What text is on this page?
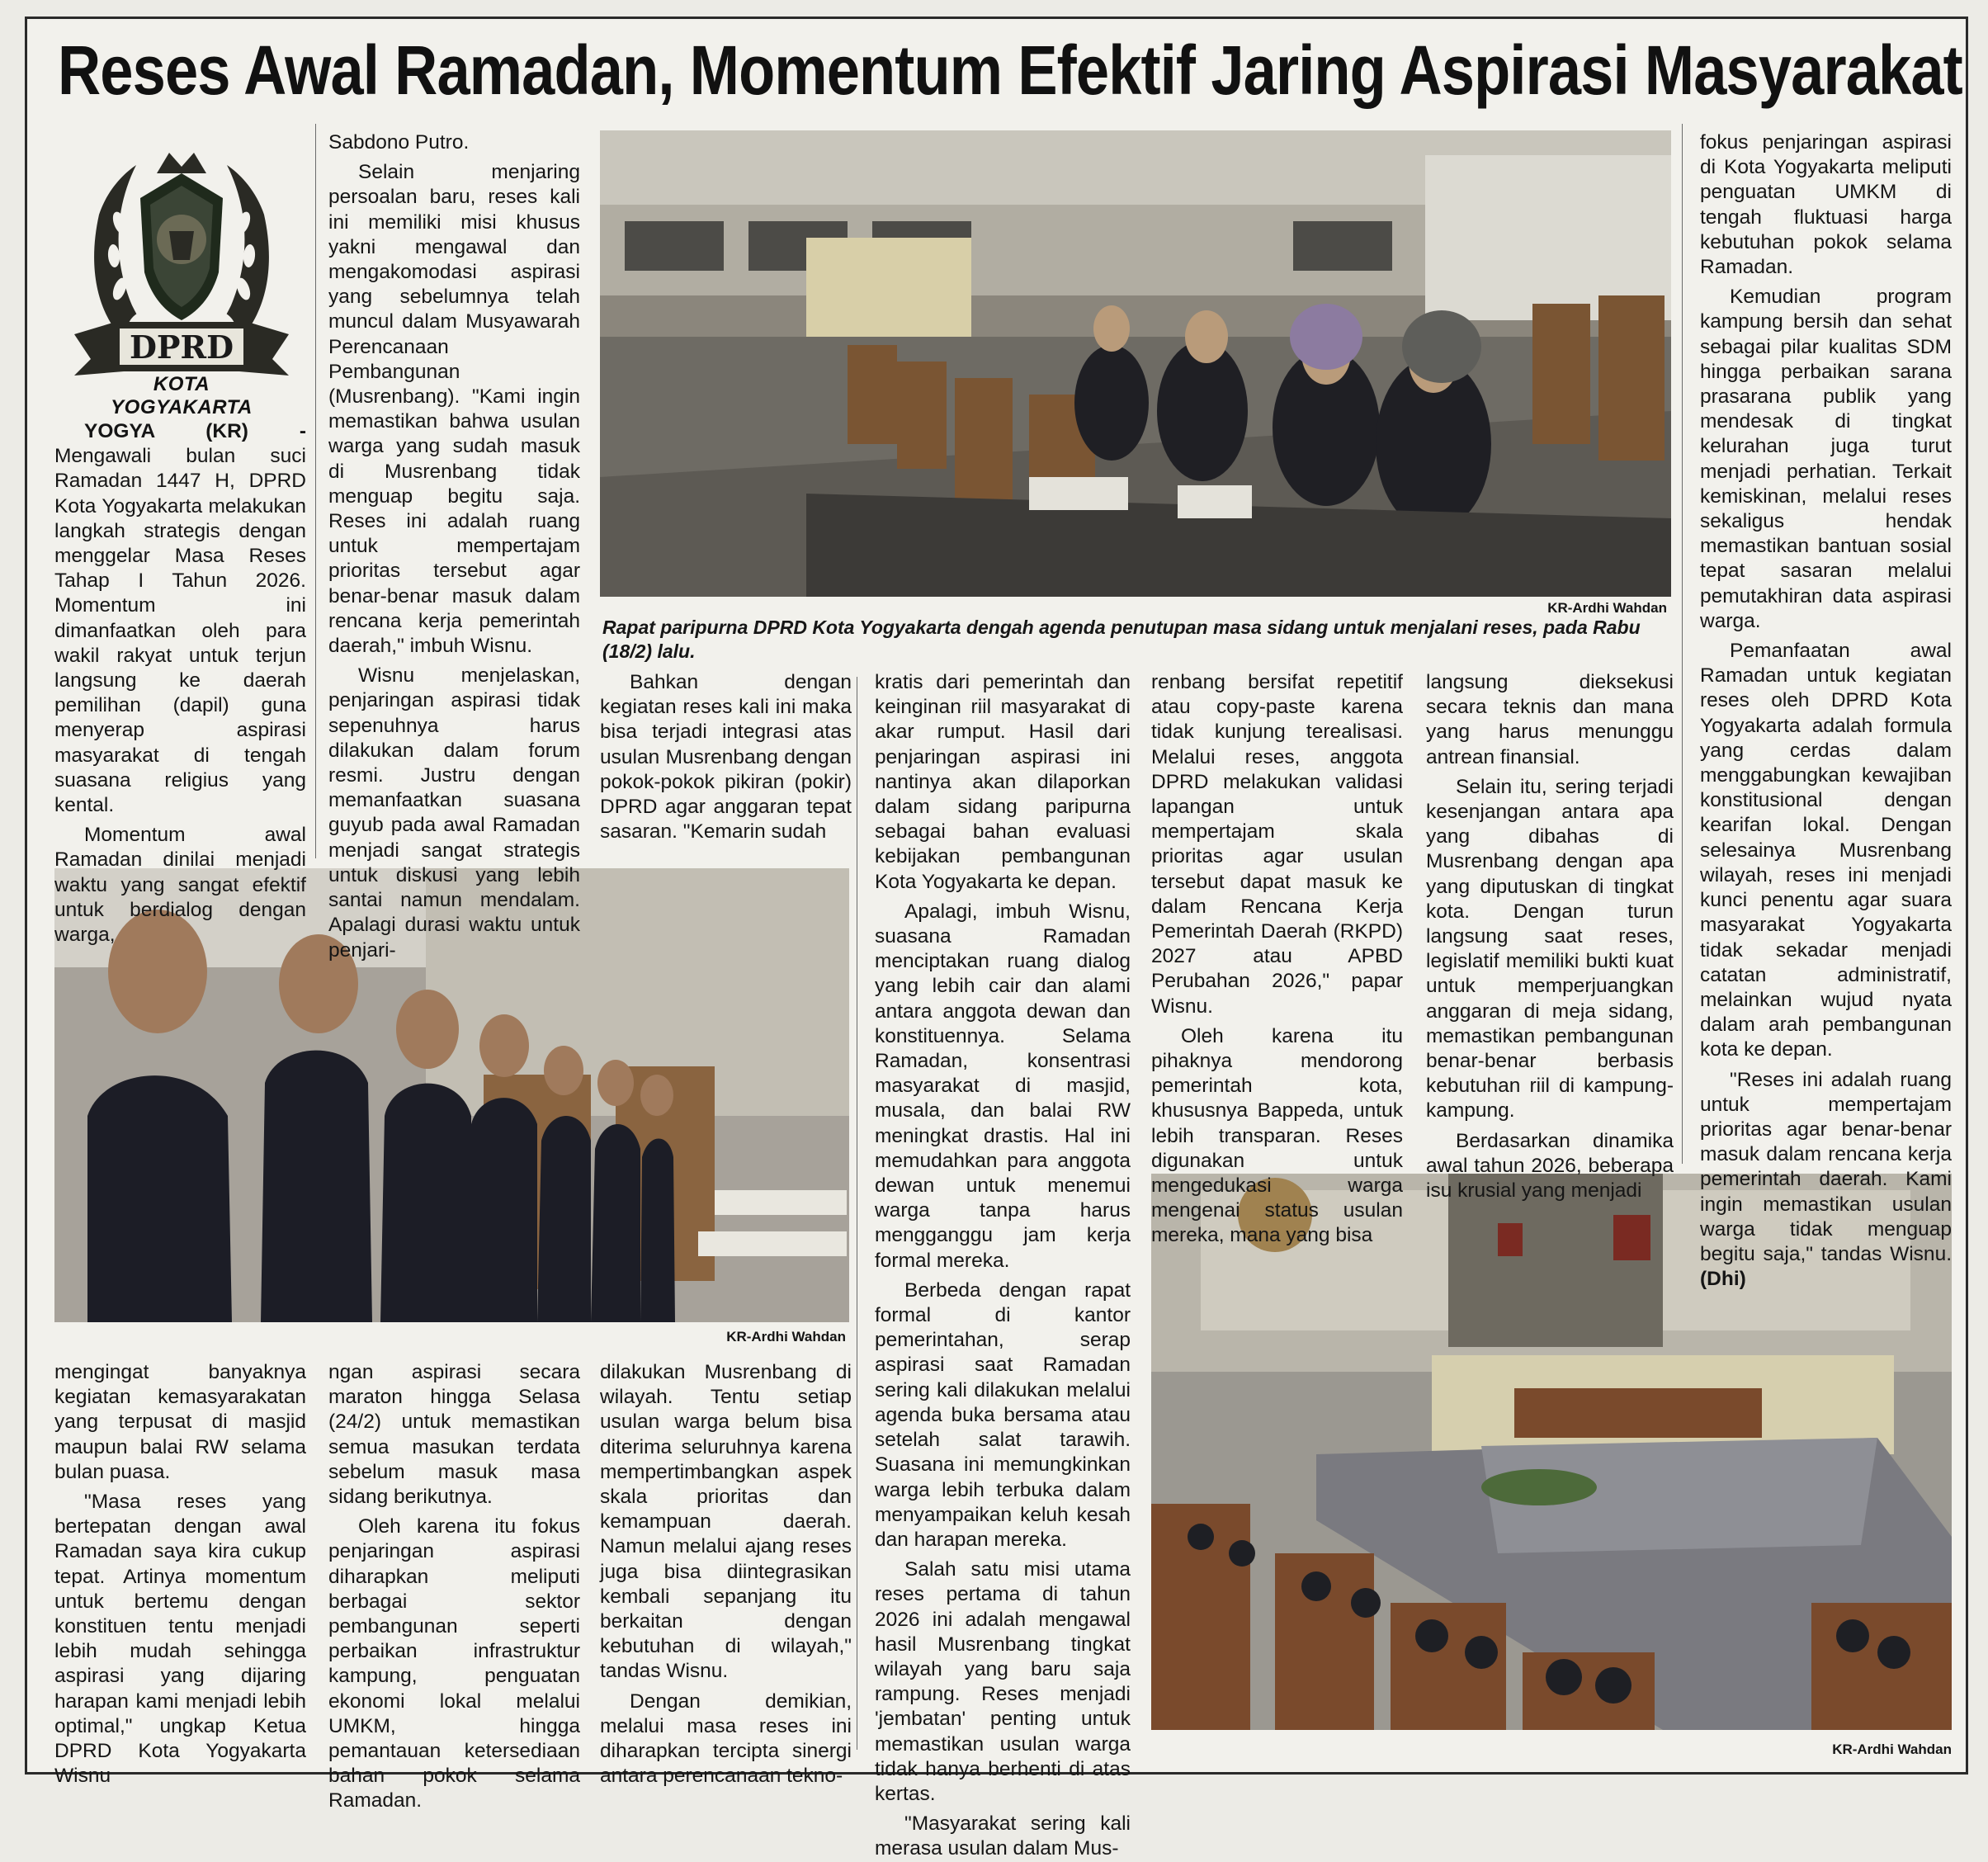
Reses Awal Ramadan, Momentum Efektif Jaring Aspirasi Masyarakat
DPRD
KOTA YOGYAKARTA
KR-Ardhi Wahdan
Rapat paripurna DPRD Kota Yogyakarta dengah agenda penutupan masa sidang untuk menjalani reses, pada Rabu (18/2) lalu.
KR-Ardhi Wahdan
KR-Ardhi Wahdan

YOGYA (KR) - Mengawali bulan suci Ramadan 1447 H, DPRD Kota Yogyakarta melakukan langkah strategis dengan menggelar Masa Reses Tahap I Tahun 2026. Momentum ini dimanfaatkan oleh para wakil rakyat untuk terjun langsung ke daerah pemilihan (dapil) guna menyerap aspirasi masyarakat di tengah suasana religius yang kental.

Momentum awal Ramadan dinilai menjadi waktu yang sangat efektif untuk berdialog dengan warga,

Sabdono Putro.

Selain menjaring persoalan baru, reses kali ini memiliki misi khusus yakni mengawal dan mengakomodasi aspirasi yang sebelumnya telah muncul dalam Musyawarah Perencanaan Pembangunan (Musrenbang). "Kami ingin memastikan bahwa usulan warga yang sudah masuk di Musrenbang tidak menguap begitu saja. Reses ini adalah ruang untuk mempertajam prioritas tersebut agar benar-benar masuk dalam rencana kerja pemerintah daerah," imbuh Wisnu.

Wisnu menjelaskan, penjaringan aspirasi tidak sepenuhnya harus dilakukan dalam forum resmi. Justru dengan memanfaatkan suasana guyub pada awal Ramadan menjadi sangat strategis untuk diskusi yang lebih santai namun mendalam. Apalagi durasi waktu untuk penjari-

Bahkan dengan kegiatan reses kali ini maka bisa terjadi integrasi atas usulan Musrenbang dengan pokok-pokok pikiran (pokir) DPRD agar anggaran tepat sasaran. "Kemarin sudah

kratis dari pemerintah dan keinginan riil masyarakat di akar rumput. Hasil dari penjaringan aspirasi ini nantinya akan dilaporkan dalam sidang paripurna sebagai bahan evaluasi kebijakan pembangunan Kota Yogyakarta ke depan.

Apalagi, imbuh Wisnu, suasana Ramadan menciptakan ruang dialog yang lebih cair dan alami antara anggota dewan dan konstituennya. Selama Ramadan, konsentrasi masyarakat di masjid, musala, dan balai RW meningkat drastis. Hal ini memudahkan para anggota dewan untuk menemui warga tanpa harus mengganggu jam kerja formal mereka.

Berbeda dengan rapat formal di kantor pemerintahan, serap aspirasi saat Ramadan sering kali dilakukan melalui agenda buka bersama atau setelah salat tarawih. Suasana ini memungkinkan warga lebih terbuka dalam menyampaikan keluh kesah dan harapan mereka.

Salah satu misi utama reses pertama di tahun 2026 ini adalah mengawal hasil Musrenbang tingkat wilayah yang baru saja rampung. Reses menjadi 'jembatan' penting untuk memastikan usulan warga tidak hanya berhenti di atas kertas.

"Masyarakat sering kali merasa usulan dalam Mus-

renbang bersifat repetitif atau copy-paste karena tidak kunjung terealisasi. Melalui reses, anggota DPRD melakukan validasi lapangan untuk mempertajam skala prioritas agar usulan tersebut dapat masuk ke dalam Rencana Kerja Pemerintah Daerah (RKPD) 2027 atau APBD Perubahan 2026," papar Wisnu.

Oleh karena itu pihaknya mendorong pemerintah kota, khususnya Bappeda, untuk lebih transparan. Reses digunakan untuk mengedukasi warga mengenai status usulan mereka, mana yang bisa

langsung dieksekusi secara teknis dan mana yang harus menunggu antrean finansial.

Selain itu, sering terjadi kesenjangan antara apa yang dibahas di Musrenbang dengan apa yang diputuskan di tingkat kota. Dengan turun langsung saat reses, legislatif memiliki bukti kuat untuk memperjuangkan anggaran di meja sidang, memastikan pembangunan benar-benar berbasis kebutuhan riil di kampung-kampung.

Berdasarkan dinamika awal tahun 2026, beberapa isu krusial yang menjadi

fokus penjaringan aspirasi di Kota Yogyakarta meliputi penguatan UMKM di tengah fluktuasi harga kebutuhan pokok selama Ramadan.

Kemudian program kampung bersih dan sehat sebagai pilar kualitas SDM hingga perbaikan sarana prasarana publik yang mendesak di tingkat kelurahan juga turut menjadi perhatian. Terkait kemiskinan, melalui reses sekaligus hendak memastikan bantuan sosial tepat sasaran melalui pemutakhiran data aspirasi warga.

Pemanfaatan awal Ramadan untuk kegiatan reses oleh DPRD Kota Yogyakarta adalah formula yang cerdas dalam menggabungkan kewajiban konstitusional dengan kearifan lokal. Dengan selesainya Musrenbang wilayah, reses ini menjadi kunci penentu agar suara masyarakat Yogyakarta tidak sekadar menjadi catatan administratif, melainkan wujud nyata dalam arah pembangunan kota ke depan.

"Reses ini adalah ruang untuk mempertajam prioritas agar benar-benar masuk dalam rencana kerja pemerintah daerah. Kami ingin memastikan usulan warga tidak menguap begitu saja," tandas Wisnu. (Dhi)

mengingat banyaknya kegiatan kemasyarakatan yang terpusat di masjid maupun balai RW selama bulan puasa.

"Masa reses yang bertepatan dengan awal Ramadan saya kira cukup tepat. Artinya momentum untuk bertemu dengan konstituen tentu menjadi lebih mudah sehingga aspirasi yang dijaring harapan kami menjadi lebih optimal," ungkap Ketua DPRD Kota Yogyakarta Wisnu

ngan aspirasi secara maraton hingga Selasa (24/2) untuk memastikan semua masukan terdata sebelum masuk masa sidang berikutnya.

Oleh karena itu fokus penjaringan aspirasi diharapkan meliputi berbagai sektor pembangunan seperti perbaikan infrastruktur kampung, penguatan ekonomi lokal melalui UMKM, hingga pemantauan ketersediaan bahan pokok selama Ramadan.

dilakukan Musrenbang di wilayah. Tentu setiap usulan warga belum bisa diterima seluruhnya karena mempertimbangkan aspek skala prioritas dan kemampuan daerah. Namun melalui ajang reses juga bisa diintegrasikan kembali sepanjang itu berkaitan dengan kebutuhan di wilayah," tandas Wisnu.

Dengan demikian, melalui masa reses ini diharapkan tercipta sinergi antara perencanaan tekno-
